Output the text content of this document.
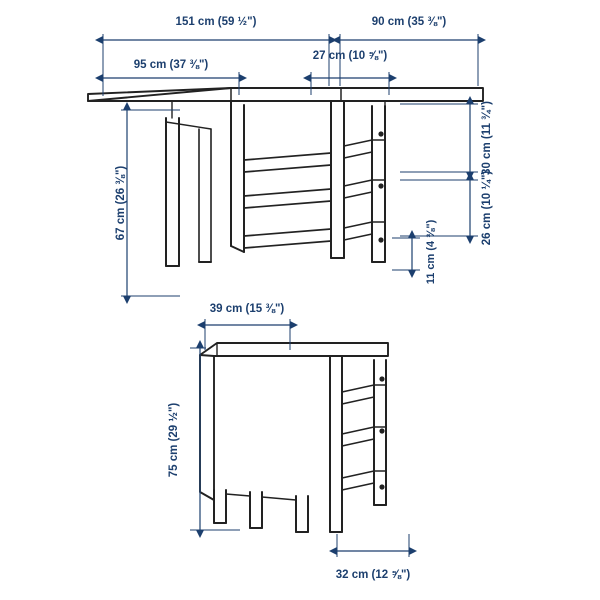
151 cm (59 ½")	90 cm (35 ⅜")
95 cm (37 ⅜")
27 cm (10 ⅝")
67 cm (26 ⅜")
30 cm (11 ¾")
26 cm (10 ¼")
11 cm (4 ⅜")
39 cm (15 ⅜")
75 cm (29 ½")
32 cm (12 ⅝")
